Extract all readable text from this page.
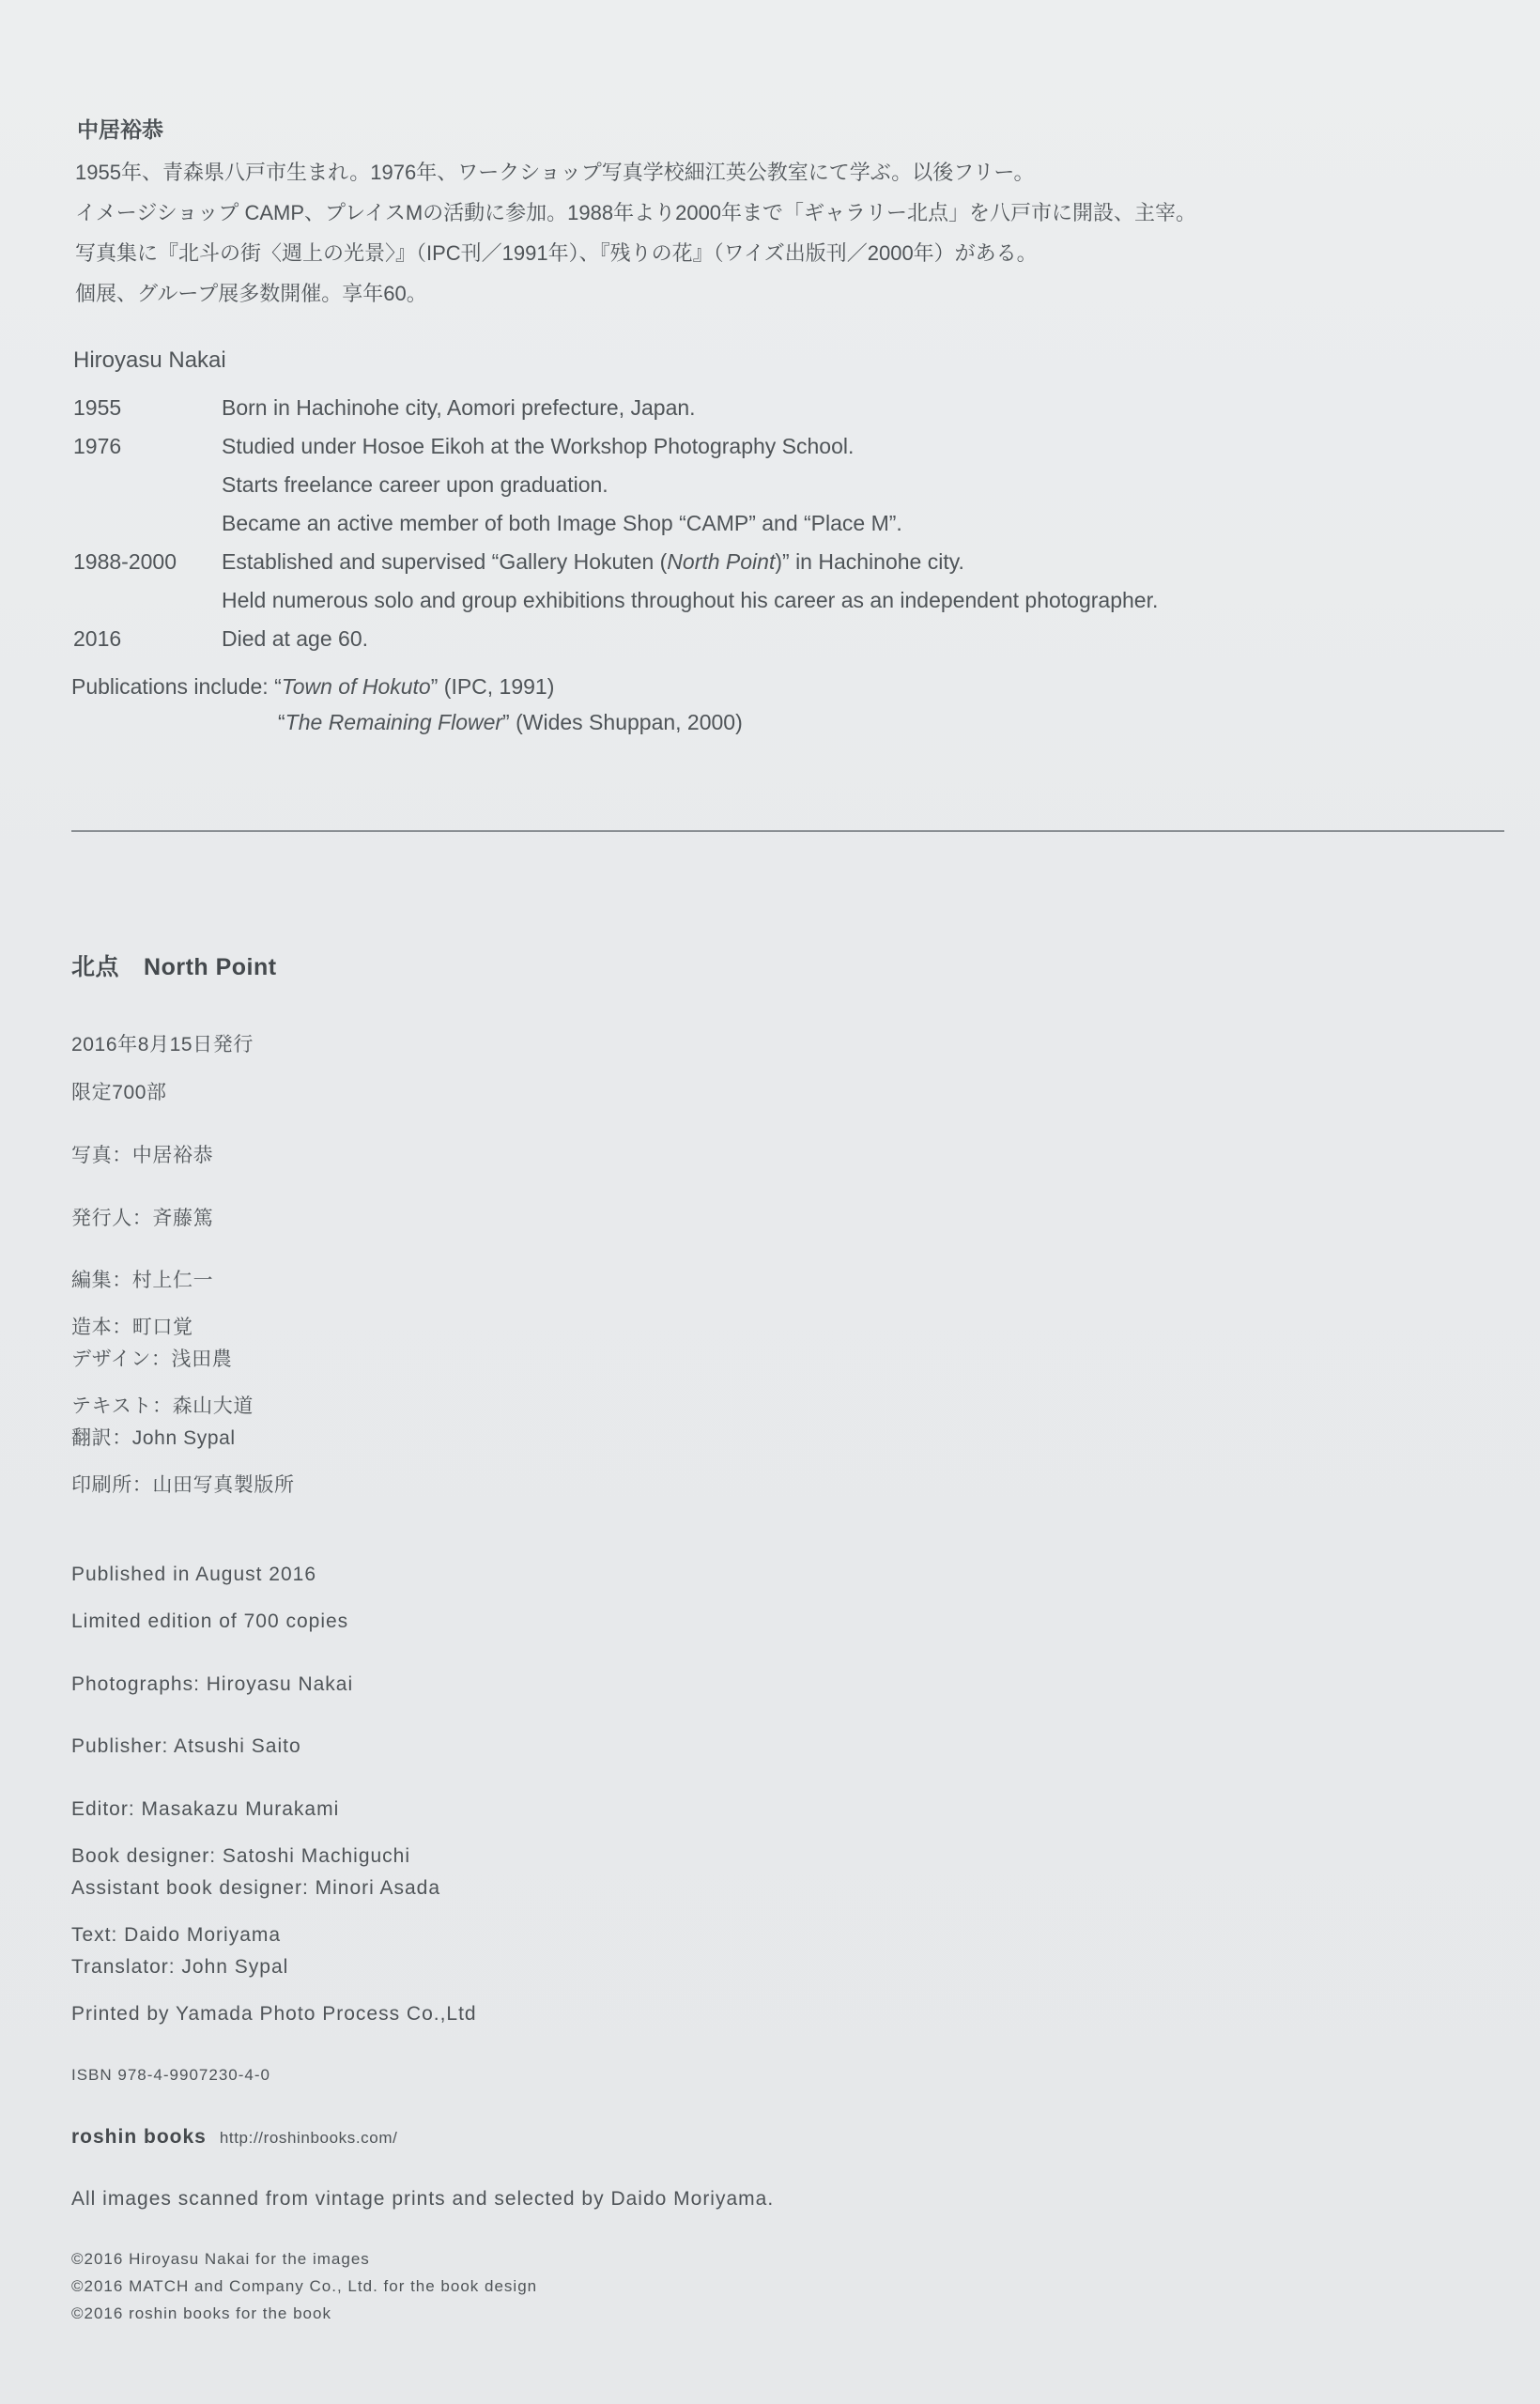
中居裕恭
1955年、青森県八戸市生まれ。1976年、ワークショップ写真学校細江英公教室にて学ぶ。以後フリー。
イメージショップ CAMP、プレイスMの活動に参加。1988年より2000年まで「ギャラリー北点」を八戸市に開設、主宰。
写真集に『北斗の街〈週上の光景〉』（IPC刊／1991年）、『残りの花』（ワイズ出版刊／2000年）がある。
個展、グループ展多数開催。享年60。
Hiroyasu Nakai
1955	Born in Hachinohe city, Aomori prefecture, Japan.
1976	Studied under Hosoe Eikoh at the Workshop Photography School.
Starts freelance career upon graduation.
Became an active member of both Image Shop “CAMP” and “Place M”.
1988-2000	Established and supervised “Gallery Hokuten (North Point)” in Hachinohe city.
Held numerous solo and group exhibitions throughout his career as an independent photographer.
2016	Died at age 60.
Publications include: “Town of Hokuto” (IPC, 1991)
“The Remaining Flower” (Wides Shuppan, 2000)
北点 North Point
2016年8月15日発行
限定700部
写真：中居裕恭
発行人：斉藤篤
編集：村上仁一
造本：町口覚
デザイン：浅田農
テキスト：森山大道
翻訳：John Sypal
印刷所：山田写真製版所
Published in August 2016
Limited edition of 700 copies
Photographs: Hiroyasu Nakai
Publisher: Atsushi Saito
Editor: Masakazu Murakami
Book designer: Satoshi Machiguchi
Assistant book designer: Minori Asada
Text: Daido Moriyama
Translator: John Sypal
Printed by Yamada Photo Process Co.,Ltd
ISBN 978-4-9907230-4-0
roshin books http://roshinbooks.com/
All images scanned from vintage prints and selected by Daido Moriyama.
©2016 Hiroyasu Nakai for the images
©2016 MATCH and Company Co., Ltd. for the book design
©2016 roshin books for the book
